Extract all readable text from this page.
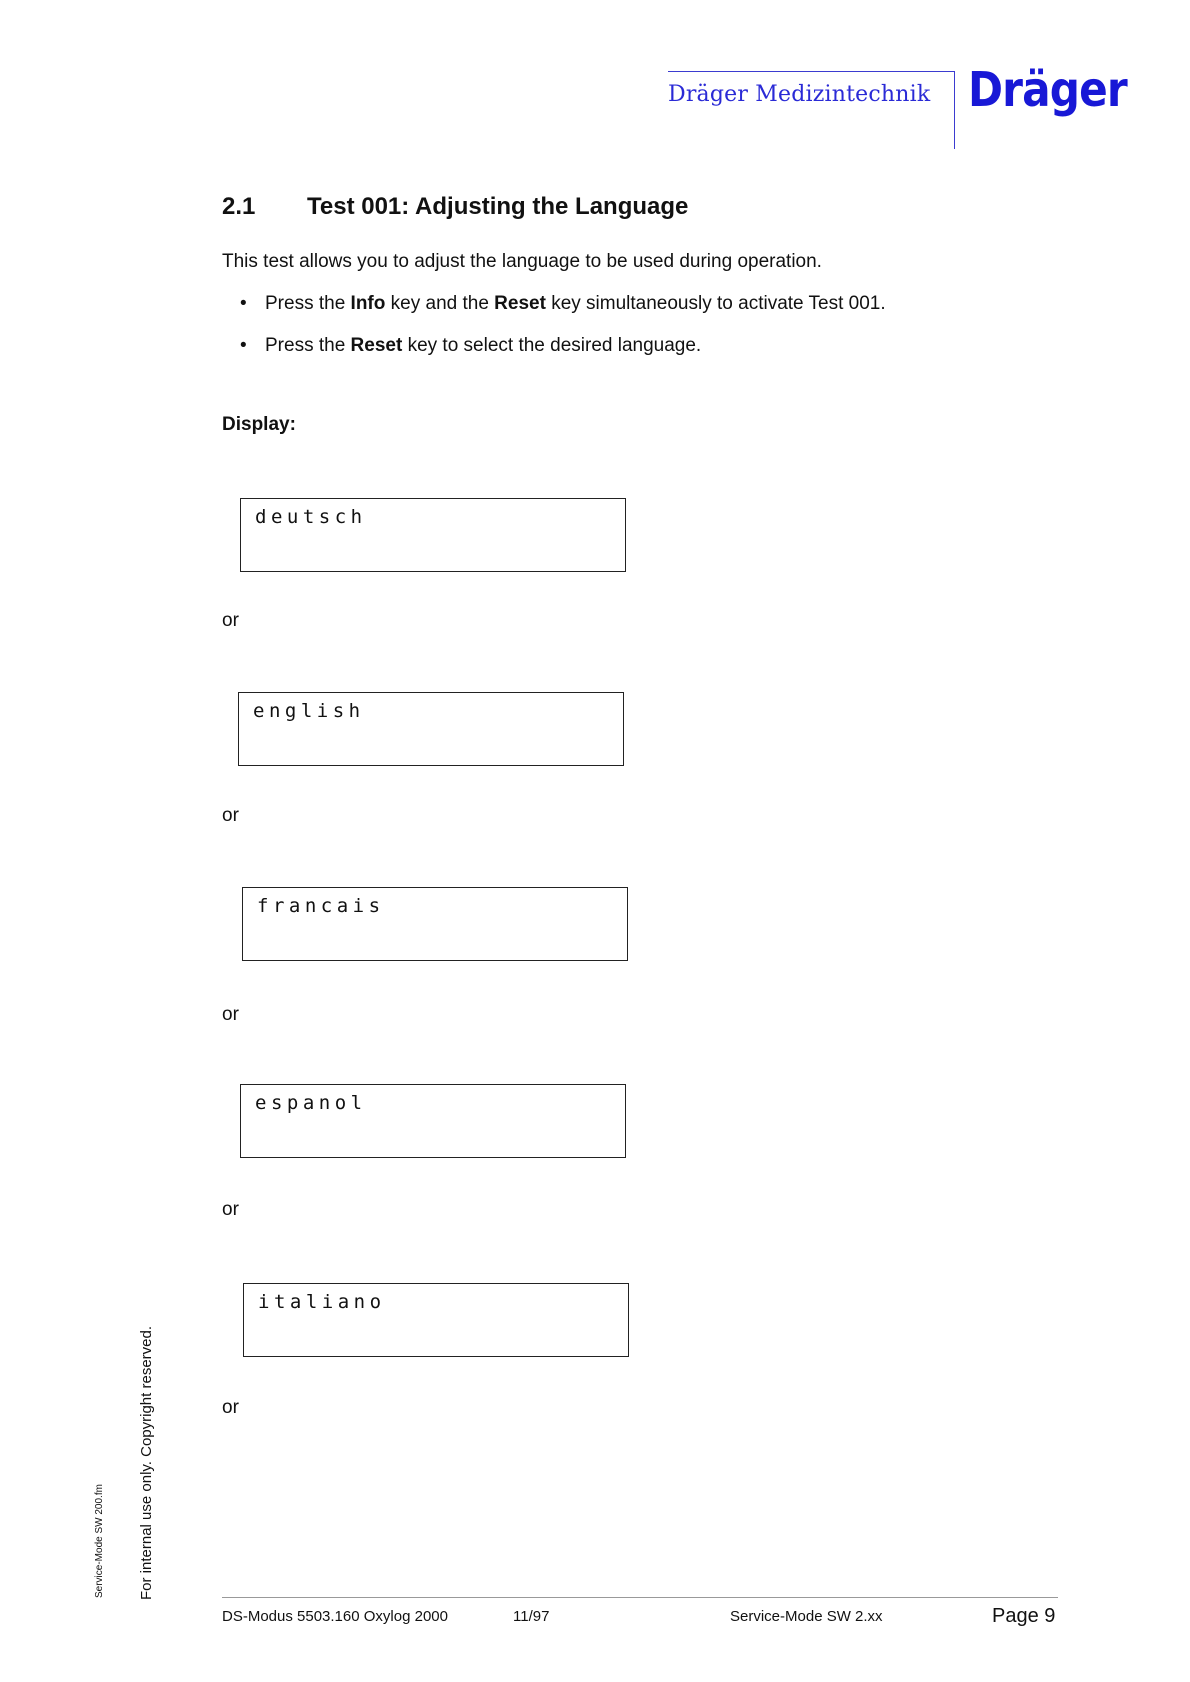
Dräger Medizintechnik Dräger
2.1 Test 001: Adjusting the Language
This test allows you to adjust the language to be used during operation.
• Press the Info key and the Reset key simultaneously to activate Test 001.
• Press the Reset key to select the desired language.
Display:
deutsch
or
english
or
francais
or
espanol
or
italiano
or
For internal use only. Copyright reserved.
Service-Mode SW 200.fm
DS-Modus 5503.160 Oxylog 2000	11/97	Service-Mode SW 2.xx	Page 9
